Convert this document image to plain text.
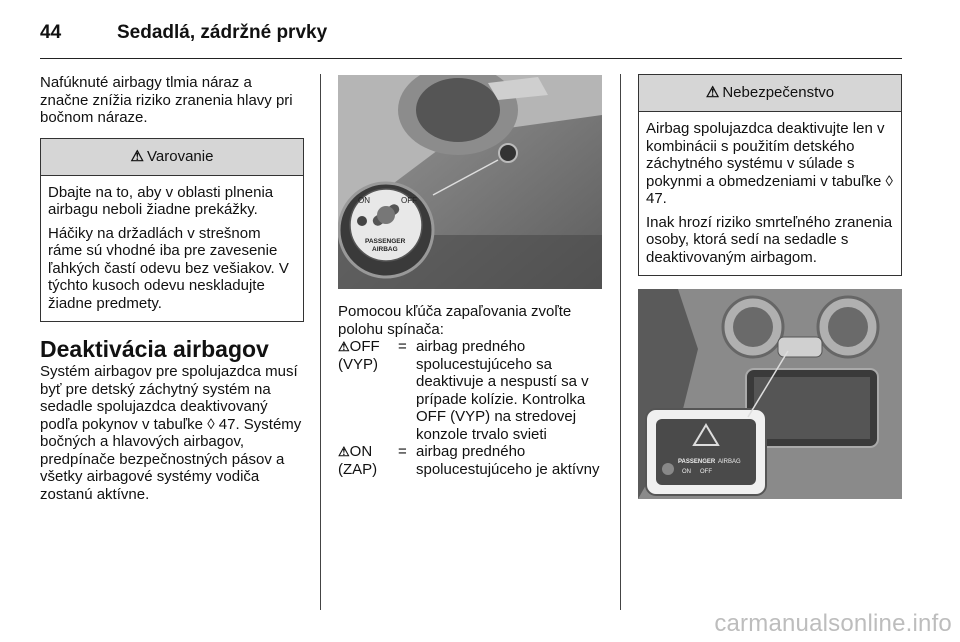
44	Sedadlá, zádržné prvky

Nafúknuté airbagy tlmia náraz a značne znížia riziko zranenia hlavy pri bočnom náraze.

⚠ Varovanie

Dbajte na to, aby v oblasti plnenia airbagu neboli žiadne prekážky.

Háčiky na držadlách v strešnom ráme sú vhodné iba pre zavesenie ľahkých častí odevu bez vešiakov. V týchto kusoch odevu neskladujte žiadne predmety.

Deaktivácia airbagov

Systém airbagov pre spolujazdca musí byť pre detský záchytný systém na sedadle spolujazdca deaktivovaný podľa pokynov v tabuľke ◊ 47. Systémy bočných a hlavových airbagov, predpínače bezpečnostných pásov a všetky airbagové systémy vodiča zostanú aktívne.

ON	OFF
PASSENGER
AIRBAG

Pomocou kľúča zapaľovania zvoľte polohu spínača:

⚠OFF (VYP)
= airbag predného spolucestujúceho sa deaktivuje a nespustí sa v prípade kolízie. Kontrolka OFF (VYP) na stredovej konzole trvalo svieti
⚠ON (ZAP)
= airbag predného spolucestujúceho je aktívny
⚠ Nebezpečenstvo

Airbag spolujazdca deaktivujte len v kombinácii s použitím detského záchytného systému v súlade s pokynmi a obmedzeniami v tabuľke ◊ 47.

Inak hrozí riziko smrteľného zranenia osoby, ktorá sedí na sedadle s deaktivovaným airbagom.

PASSENGER AIRBAG
ON OFF
carmanualsonline.info
